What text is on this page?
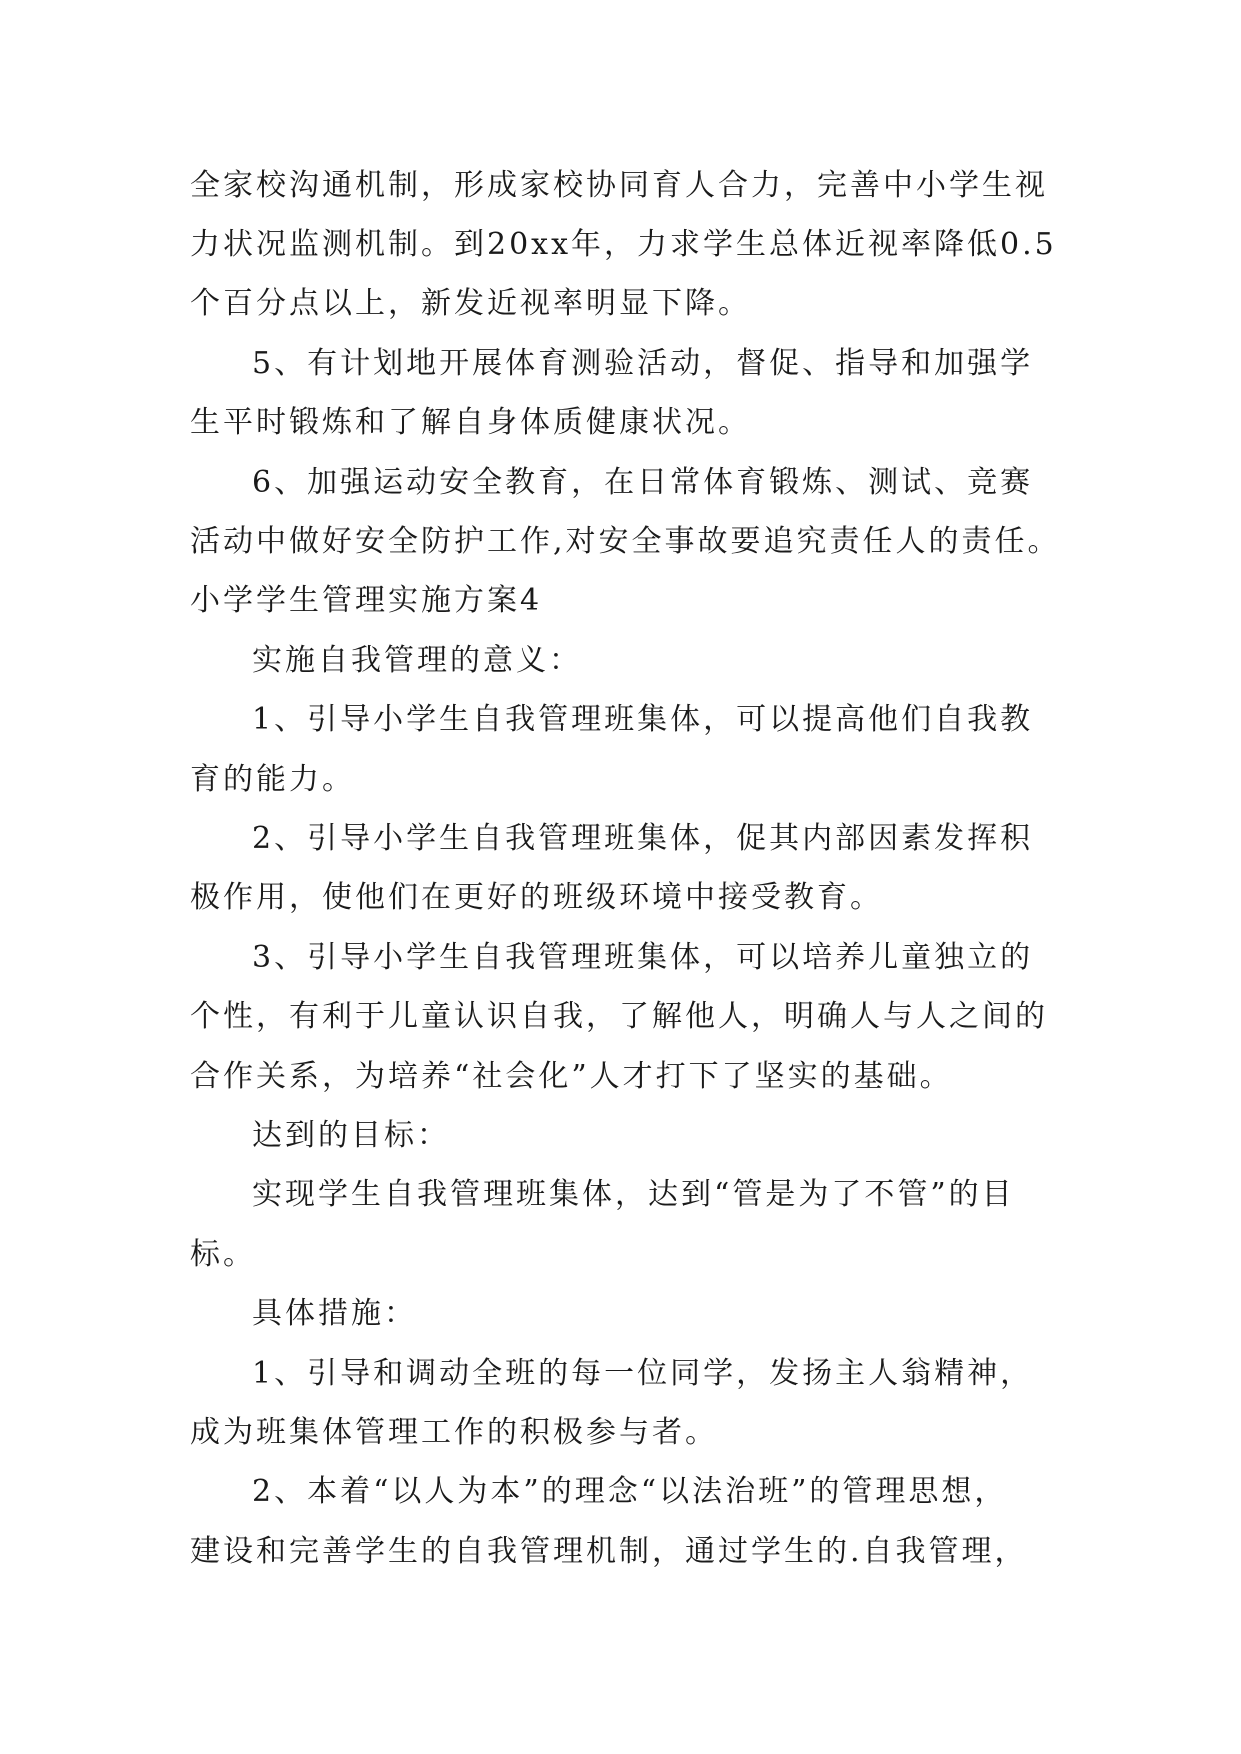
全家校沟通机制，形成家校协同育人合力，完善中小学生视
力状况监测机制。到20xx年，力求学生总体近视率降低0.5
个百分点以上，新发近视率明显下降。
5、有计划地开展体育测验活动，督促、指导和加强学
生平时锻炼和了解自身体质健康状况。
6、加强运动安全教育，在日常体育锻炼、测试、竞赛
活动中做好安全防护工作,对安全事故要追究责任人的责任。
小学学生管理实施方案4
实施自我管理的意义：
1、引导小学生自我管理班集体，可以提高他们自我教
育的能力。
2、引导小学生自我管理班集体，促其内部因素发挥积
极作用，使他们在更好的班级环境中接受教育。
3、引导小学生自我管理班集体，可以培养儿童独立的
个性，有利于儿童认识自我，了解他人，明确人与人之间的
合作关系，为培养“社会化”人才打下了坚实的基础。
达到的目标：
实现学生自我管理班集体，达到“管是为了不管”的目
标。
具体措施：
1、引导和调动全班的每一位同学，发扬主人翁精神，
成为班集体管理工作的积极参与者。
2、本着“以人为本”的理念“以法治班”的管理思想，
建设和完善学生的自我管理机制，通过学生的.自我管理，
